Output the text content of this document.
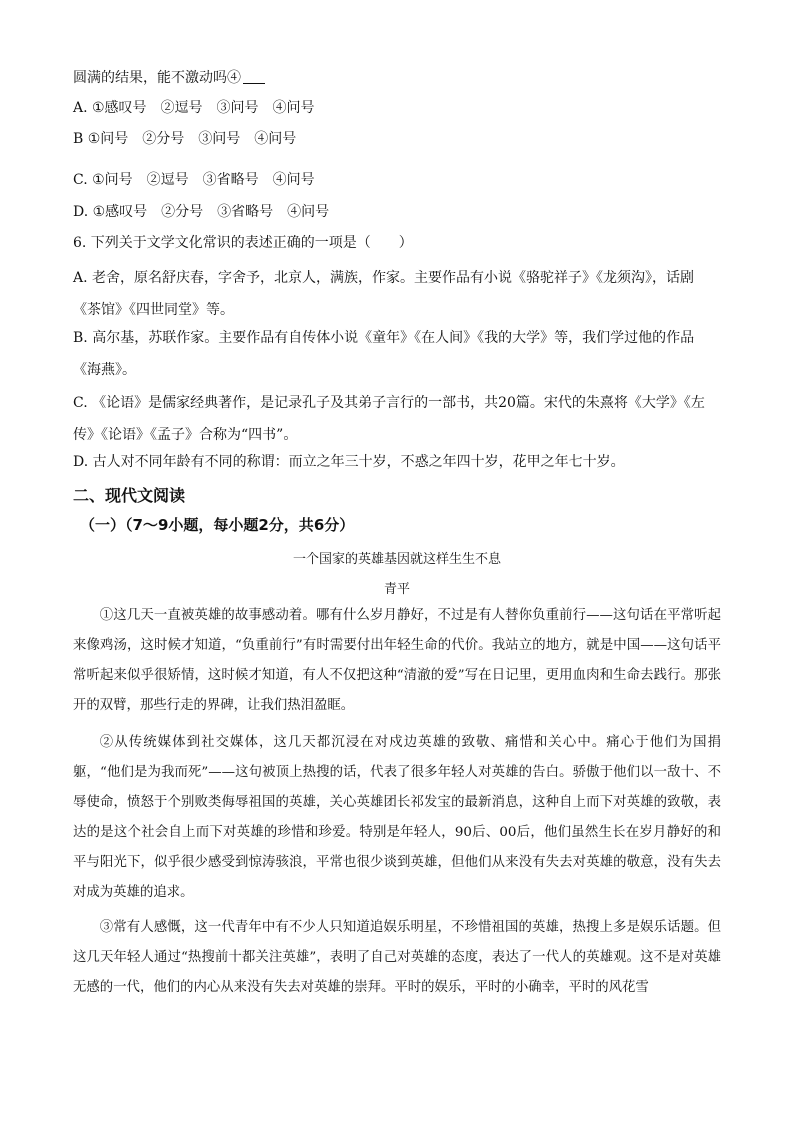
圆满的结果，能不激动吗④
A. ①感叹号　②逗号　③问号　④问号
B ①问号　②分号　③问号　④问号
C. ①问号　②逗号　③省略号　④问号
D. ①感叹号　②分号　③省略号　④问号
6. 下列关于文学文化常识的表述正确的一项是（　　）
A. 老舍，原名舒庆春，字舍予，北京人，满族，作家。主要作品有小说《骆驼祥子》《龙须沟》，话剧《茶馆》《四世同堂》等。
B. 高尔基，苏联作家。主要作品有自传体小说《童年》《在人间》《我的大学》等，我们学过他的作品《海燕》。
C. 《论语》是儒家经典著作，是记录孔子及其弟子言行的一部书，共20篇。宋代的朱熹将《大学》《左传》《论语》《孟子》合称为“四书”。
D. 古人对不同年龄有不同的称谓：而立之年三十岁，不惑之年四十岁，花甲之年七十岁。
二、现代文阅读
（一）（7～9小题，每小题2分，共6分）
一个国家的英雄基因就这样生生不息
青平
①这几天一直被英雄的故事感动着。哪有什么岁月静好，不过是有人替你负重前行——这句话在平常听起来像鸡汤，这时候才知道，“负重前行”有时需要付出年轻生命的代价。我站立的地方，就是中国——这句话平常听起来似乎很矫情，这时候才知道，有人不仅把这种“清澈的爱”写在日记里，更用血肉和生命去践行。那张开的双臂，那些行走的界碑，让我们热泪盈眶。
②从传统媒体到社交媒体，这几天都沉浸在对戍边英雄的致敬、痛惜和关心中。痛心于他们为国捐躯，“他们是为我而死”——这句被顶上热搜的话，代表了很多年轻人对英雄的告白。骄傲于他们以一敌十、不辱使命，愤怒于个别败类侮辱祖国的英雄，关心英雄团长祁发宝的最新消息，这种自上而下对英雄的致敬，表达的是这个社会自上而下对英雄的珍惜和珍爱。特别是年轻人，90后、00后，他们虽然生长在岁月静好的和平与阳光下，似乎很少感受到惊涛骇浪，平常也很少谈到英雄，但他们从来没有失去对英雄的敬意，没有失去对成为英雄的追求。
③常有人感慨，这一代青年中有不少人只知道追娱乐明星，不珍惜祖国的英雄，热搜上多是娱乐话题。但这几天年轻人通过“热搜前十都关注英雄”，表明了自己对英雄的态度，表达了一代人的英雄观。这不是对英雄无感的一代，他们的内心从来没有失去对英雄的崇拜。平时的娱乐，平时的小确幸，平时的风花雪
